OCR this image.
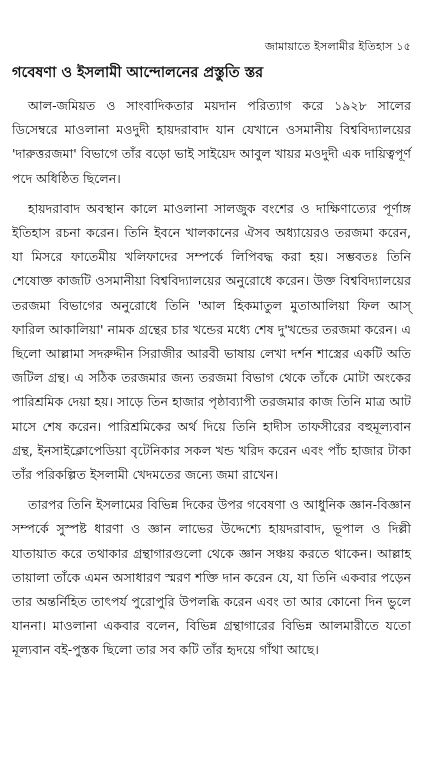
জামায়াতে ইসলামীর ইতিহাস ১৫
গবেষণা ও ইসলামী আন্দোলনের প্রস্তুতি স্তর

আল-জমিয়ত ও সাংবাদিকতার ময়দান পরিত্যাগ করে ১৯২৮ সালের ডিসেম্বরে মাওলানা মওদুদী হায়দরাবাদ যান যেখানে ওসমানীয় বিশ্ববিদ্যালয়ের 'দারুত্তরজমা' বিভাগে তাঁর বড়ো ভাই সাইয়েদ আবুল খায়র মওদুদী এক দায়িত্বপূর্ণ পদে অধিষ্ঠিত ছিলেন।

হায়দরাবাদ অবস্থান কালে মাওলানা সালজুক বংশের ও দাক্ষিণাত্যের পূর্ণাঙ্গ ইতিহাস রচনা করেন। তিনি ইবনে খালকানের ঐসব অধ্যায়েরও তরজমা করেন, যা মিসরে ফাতেমীয় খলিফাদের সম্পর্কে লিপিবদ্ধ করা হয়। সম্ভবতঃ তিনি শেষোক্ত কাজটি ওসমানীয়া বিশ্ববিদ্যালয়ের অনুরোধে করেন। উক্ত বিশ্ববিদ্যালয়ের তরজমা বিভাগের অনুরোধে তিনি 'আল হিকমাতুল মুতাআলিয়া ফিল আস্ ফারিল আকালিয়া' নামক গ্রন্থের চার খন্ডের মধ্যে শেষ দু'খন্ডের তরজমা করেন। এ ছিলো আল্লামা সদরুদ্দীন সিরাজীর আরবী ভাষায় লেখা দর্শন শাস্ত্রের একটি অতি জটিল গ্রন্থ। এ সঠিক তরজমার জন্য তরজমা বিভাগ থেকে তাঁকে মোটা অংকের পারিশ্রমিক দেয়া হয়। সাড়ে তিন হাজার পৃষ্ঠাব্যাপী তরজমার কাজ তিনি মাত্র আট মাসে শেষ করেন। পারিশ্রমিকের অর্থ দিয়ে তিনি হাদীস তাফসীরের বহুমূল্যবান গ্রন্থ, ইনসাইক্লোপেডিয়া বৃটেনিকার সকল খন্ড খরিদ করেন এবং পাঁচ হাজার টাকা তাঁর পরিকল্পিত ইসলামী খেদমতের জন্যে জমা রাখেন।

তারপর তিনি ইসলামের বিভিন্ন দিকের উপর গবেষণা ও আধুনিক জ্ঞান-বিজ্ঞান সম্পর্কে সুস্পষ্ট ধারণা ও জ্ঞান লাভের উদ্দেশ্যে হায়দরাবাদ, ভূপাল ও দিল্লী যাতায়াত করে তথাকার গ্রন্থাগারগুলো থেকে জ্ঞান সঞ্চয় করতে থাকেন। আল্লাহ তায়ালা তাঁকে এমন অসাধারণ স্মরণ শক্তি দান করেন যে, যা তিনি একবার পড়েন তার অন্তর্নিহিত তাৎপর্য পুরোপুরি উপলব্ধি করেন এবং তা আর কোনো দিন ভুলে যাননা। মাওলানা একবার বলেন, বিভিন্ন গ্রন্থাগারের বিভিন্ন আলমারীতে যতো মূল্যবান বই-পুস্তক ছিলো তার সব কটি তাঁর হৃদয়ে গাঁথা আছে।
